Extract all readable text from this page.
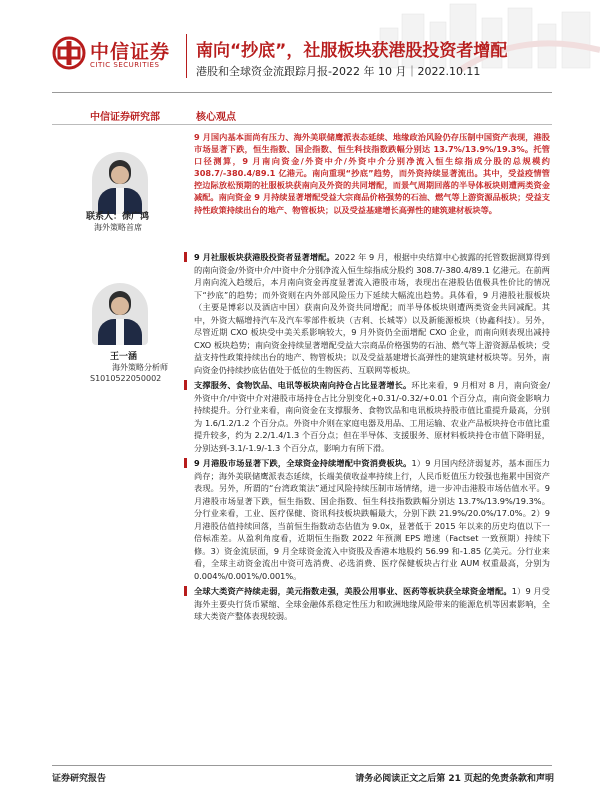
中信证券
CITIC SECURITIES
南向“抄底”，社服板块获港股投资者增配
港股和全球资金流跟踪月报-2022 年 10 月｜2022.10.11
中信证券研究部	核心观点
联系人：徐广鸿
海外策略首席
王一涵
海外策略分析师
S1010522050002
9 月国内基本面尚有压力、海外美联储鹰派表态延续、地缘政治风险仍存压制中国资产表现，港股市场显著下跌，恒生指数、国企指数、恒生科技指数跌幅分别达 13.7%/13.9%/19.3%。托管口径测算，9 月南向资金/外资中介/外资中介分别净流入恒生综指成分股的总规模约 308.7/-380.4/89.1 亿港元。南向重现“抄底”趋势，而外资持续显著流出。其中，受益疫情管控边际放松预期的社服板块获南向及外资的共同增配，而景气周期回落的半导体板块则遭两类资金减配。南向资金 9 月持续显著增配受益大宗商品价格强势的石油、燃气等上游资源品板块；受益支持性政策持续出台的地产、物管板块；以及受益基建增长高弹性的建筑建材板块等。
9 月社服板块获港股投资者显著增配。2022 年 9 月，根据中央结算中心披露的托管数据测算得到的南向资金/外资中介/中资中介分别净流入恒生综指成分股约 308.7/-380.4/89.1 亿港元。在前两月南向流入趋缓后，本月南向资金再度显著流入港股市场，表现出在港股估值极具性价比的情况下“抄底”的趋势；而外资则在内外部风险压力下延续大幅流出趋势。具体看，9 月港股社服板块（主要是博彩以及酒店中国）获南向及外资共同增配；而半导体板块则遭两类资金共同减配。其中，外资大幅增持汽车及汽车零部件板块（吉利、长城等）以及新能源板块（协鑫科技）。另外，尽管近期 CXO 板块受中美关系影响较大，9 月外资仍全面增配 CXO 企业，而南向则表现出减持 CXO 板块趋势；南向资金持续显著增配受益大宗商品价格强势的石油、燃气等上游资源品板块；受益支持性政策持续出台的地产、物管板块；以及受益基建增长高弹性的建筑建材板块等。另外，南向资金仍持续抄底估值处于低位的生物医药、互联网等板块。
支撑服务、食物饮品、电讯等板块南向持仓占比显著增长。环比来看，9 月相对 8 月，南向资金/外资中介/中资中介对港股市场持仓占比分别变化+0.31/-0.32/+0.01 个百分点，南向资金影响力持续提升。分行业来看，南向资金在支撑服务、食物饮品和电讯板块持股市值比重提升最高，分别为 1.6/1.2/1.2 个百分点。外资中介则在家庭电器及用品、工用运输、农业产品板块持仓市值比重提升较多，约为 2.2/1.4/1.3 个百分点；但在半导体、支援服务、原材料板块持仓市值下降明显，分别达到-3.1/-1.9/-1.3 个百分点，影响力有所下滑。
9 月港股市场显著下跌，全球资金持续增配中资消费板块。1）9 月国内经济弱复苏，基本面压力尚存；海外美联储鹰派表态延续，长端美债收益率持续上行，人民币贬值压力较强也拖累中国资产表现。另外，所谓的“台湾政策法”通过风险持续压制市场情绪，进一步冲击港股市场估值水平。9 月港股市场显著下跌，恒生指数、国企指数、恒生科技指数跌幅分别达 13.7%/13.9%/19.3%。分行业来看，工业、医疗保健、资讯科技板块跌幅最大，分别下跌 21.9%/20.0%/17.0%。2）9 月港股估值持续回落，当前恒生指数动态估值为 9.0x，显著低于 2015 年以来的历史均值以下一倍标准差。从盈利角度看，近期恒生指数 2022 年预测 EPS 增速（Factset 一致预期）持续下修。3）资金流层面，9 月全球资金流入中资股及香港本地股约 56.99 和-1.85 亿美元。分行业来看，全球主动资金流出中资可选消费、必选消费、医疗保健板块占行业 AUM 权重最高，分别为 0.004%/0.001%/0.001%。
全球大类资产持续走弱，美元指数走强，美股公用事业、医药等板块获全球资金增配。1）9 月受海外主要央行货币紧缩、全球金融体系稳定性压力和欧洲地缘风险带来的能源危机等因素影响，全球大类资产整体表现较弱。
证券研究报告	请务必阅读正文之后第 21 页起的免责条款和声明
